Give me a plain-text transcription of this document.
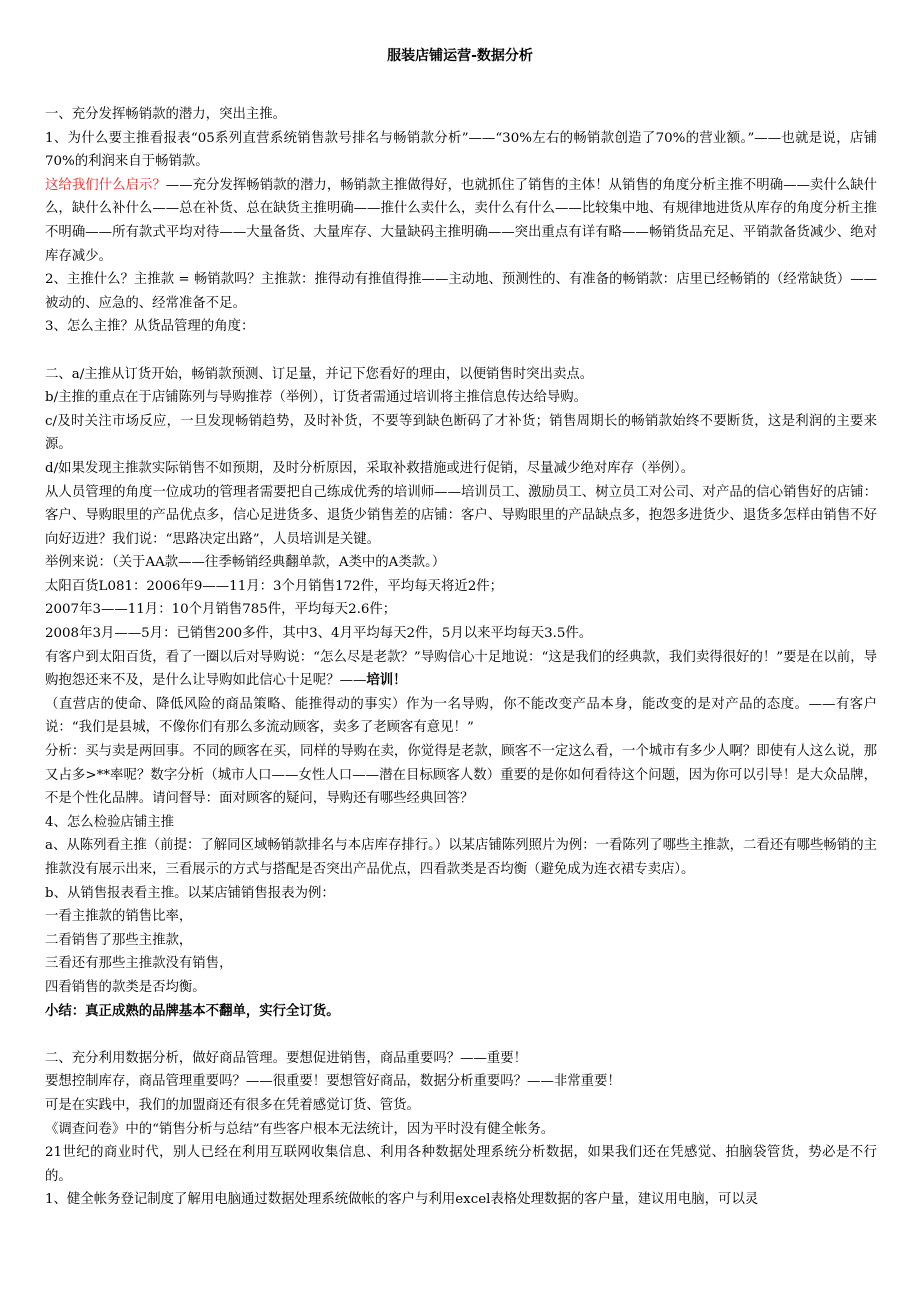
服装店铺运营-数据分析

一、充分发挥畅销款的潜力，突出主推。

1、为什么要主推看报表“05系列直营系统销售款号排名与畅销款分析”——“30%左右的畅销款创造了70%的营业额。”——也就是说，店铺70%的利润来自于畅销款。

这给我们什么启示？——充分发挥畅销款的潜力，畅销款主推做得好，也就抓住了销售的主体！从销售的角度分析主推不明确——卖什么缺什么，缺什么补什么——总在补货、总在缺货主推明确——推什么卖什么，卖什么有什么——比较集中地、有规律地进货从库存的角度分析主推不明确——所有款式平均对待——大量备货、大量库存、大量缺码主推明确——突出重点有详有略——畅销货品充足、平销款备货减少、绝对库存减少。

2、主推什么？主推款 = 畅销款吗？主推款：推得动有推值得推——主动地、预测性的、有准备的畅销款：店里已经畅销的（经常缺货）——被动的、应急的、经常准备不足。

3、怎么主推？从货品管理的角度：

二、a/主推从订货开始，畅销款预测、订足量，并记下您看好的理由，以便销售时突出卖点。

b/主推的重点在于店铺陈列与导购推荐（举例），订货者需通过培训将主推信息传达给导购。

c/及时关注市场反应，一旦发现畅销趋势，及时补货，不要等到缺色断码了才补货；销售周期长的畅销款始终不要断货，这是利润的主要来源。

d/如果发现主推款实际销售不如预期，及时分析原因，采取补救措施或进行促销，尽量减少绝对库存（举例）。

从人员管理的角度一位成功的管理者需要把自己练成优秀的培训师——培训员工、激励员工、树立员工对公司、对产品的信心销售好的店铺：客户、导购眼里的产品优点多，信心足进货多、退货少销售差的店铺：客户、导购眼里的产品缺点多，抱怨多进货少、退货多怎样由销售不好向好迈进？我们说：“思路决定出路”，人员培训是关键。

举例来说：（关于AA款——往季畅销经典翻单款，A类中的A类款。）

太阳百货L081：2006年9——11月：3个月销售172件，平均每天将近2件；

2007年3——11月：10个月销售785件，平均每天2.6件；

2008年3月——5月：已销售200多件，其中3、4月平均每天2件，5月以来平均每天3.5件。

有客户到太阳百货，看了一圈以后对导购说：“怎么尽是老款？”导购信心十足地说：“这是我们的经典款，我们卖得很好的！”要是在以前，导购抱怨还来不及，是什么让导购如此信心十足呢？——培训！

（直营店的使命、降低风险的商品策略、能推得动的事实）作为一名导购，你不能改变产品本身，能改变的是对产品的态度。——有客户说：“我们是县城，不像你们有那么多流动顾客，卖多了老顾客有意见！”

分析：买与卖是两回事。不同的顾客在买，同样的导购在卖，你觉得是老款，顾客不一定这么看，一个城市有多少人啊？即使有人这么说，那又占多>**率呢？数字分析（城市人口——女性人口——潜在目标顾客人数）重要的是你如何看待这个问题，因为你可以引导！是大众品牌，不是个性化品牌。请问督导：面对顾客的疑问，导购还有哪些经典回答？

4、怎么检验店铺主推

a、从陈列看主推（前提：了解同区域畅销款排名与本店库存排行。）以某店铺陈列照片为例：一看陈列了哪些主推款，二看还有哪些畅销的主推款没有展示出来，三看展示的方式与搭配是否突出产品优点，四看款类是否均衡（避免成为连衣裙专卖店）。

b、从销售报表看主推。以某店铺销售报表为例：

一看主推款的销售比率，

二看销售了那些主推款，

三看还有那些主推款没有销售，

四看销售的款类是否均衡。

小结：真正成熟的品牌基本不翻单，实行全订货。

二、充分利用数据分析，做好商品管理。要想促进销售，商品重要吗？——重要！

要想控制库存，商品管理重要吗？——很重要！要想管好商品，数据分析重要吗？——非常重要！

可是在实践中，我们的加盟商还有很多在凭着感觉订货、管货。

《调查问卷》中的“销售分析与总结”有些客户根本无法统计，因为平时没有健全帐务。

21世纪的商业时代，别人已经在利用互联网收集信息、利用各种数据处理系统分析数据，如果我们还在凭感觉、拍脑袋管货，势必是不行的。

1、健全帐务登记制度了解用电脑通过数据处理系统做帐的客户与利用excel表格处理数据的客户量，建议用电脑，可以灵
